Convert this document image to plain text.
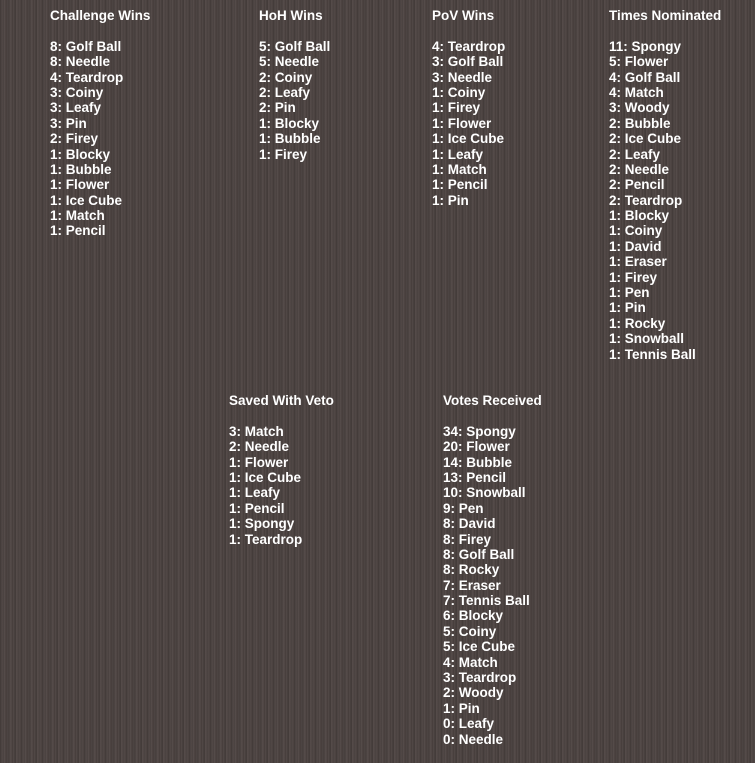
Challenge Wins
8: Golf Ball
8: Needle
4: Teardrop
3: Coiny
3: Leafy
3: Pin
2: Firey
1: Blocky
1: Bubble
1: Flower
1: Ice Cube
1: Match
1: Pencil
HoH Wins
5: Golf Ball
5: Needle
2: Coiny
2: Leafy
2: Pin
1: Blocky
1: Bubble
1: Firey
PoV Wins
4: Teardrop
3: Golf Ball
3: Needle
1: Coiny
1: Firey
1: Flower
1: Ice Cube
1: Leafy
1: Match
1: Pencil
1: Pin
Times Nominated
11: Spongy
5: Flower
4: Golf Ball
4: Match
3: Woody
2: Bubble
2: Ice Cube
2: Leafy
2: Needle
2: Pencil
2: Teardrop
1: Blocky
1: Coiny
1: David
1: Eraser
1: Firey
1: Pen
1: Pin
1: Rocky
1: Snowball
1: Tennis Ball
Saved With Veto
3: Match
2: Needle
1: Flower
1: Ice Cube
1: Leafy
1: Pencil
1: Spongy
1: Teardrop
Votes Received
34: Spongy
20: Flower
14: Bubble
13: Pencil
10: Snowball
9: Pen
8: David
8: Firey
8: Golf Ball
8: Rocky
7: Eraser
7: Tennis Ball
6: Blocky
5: Coiny
5: Ice Cube
4: Match
3: Teardrop
2: Woody
1: Pin
0: Leafy
0: Needle
